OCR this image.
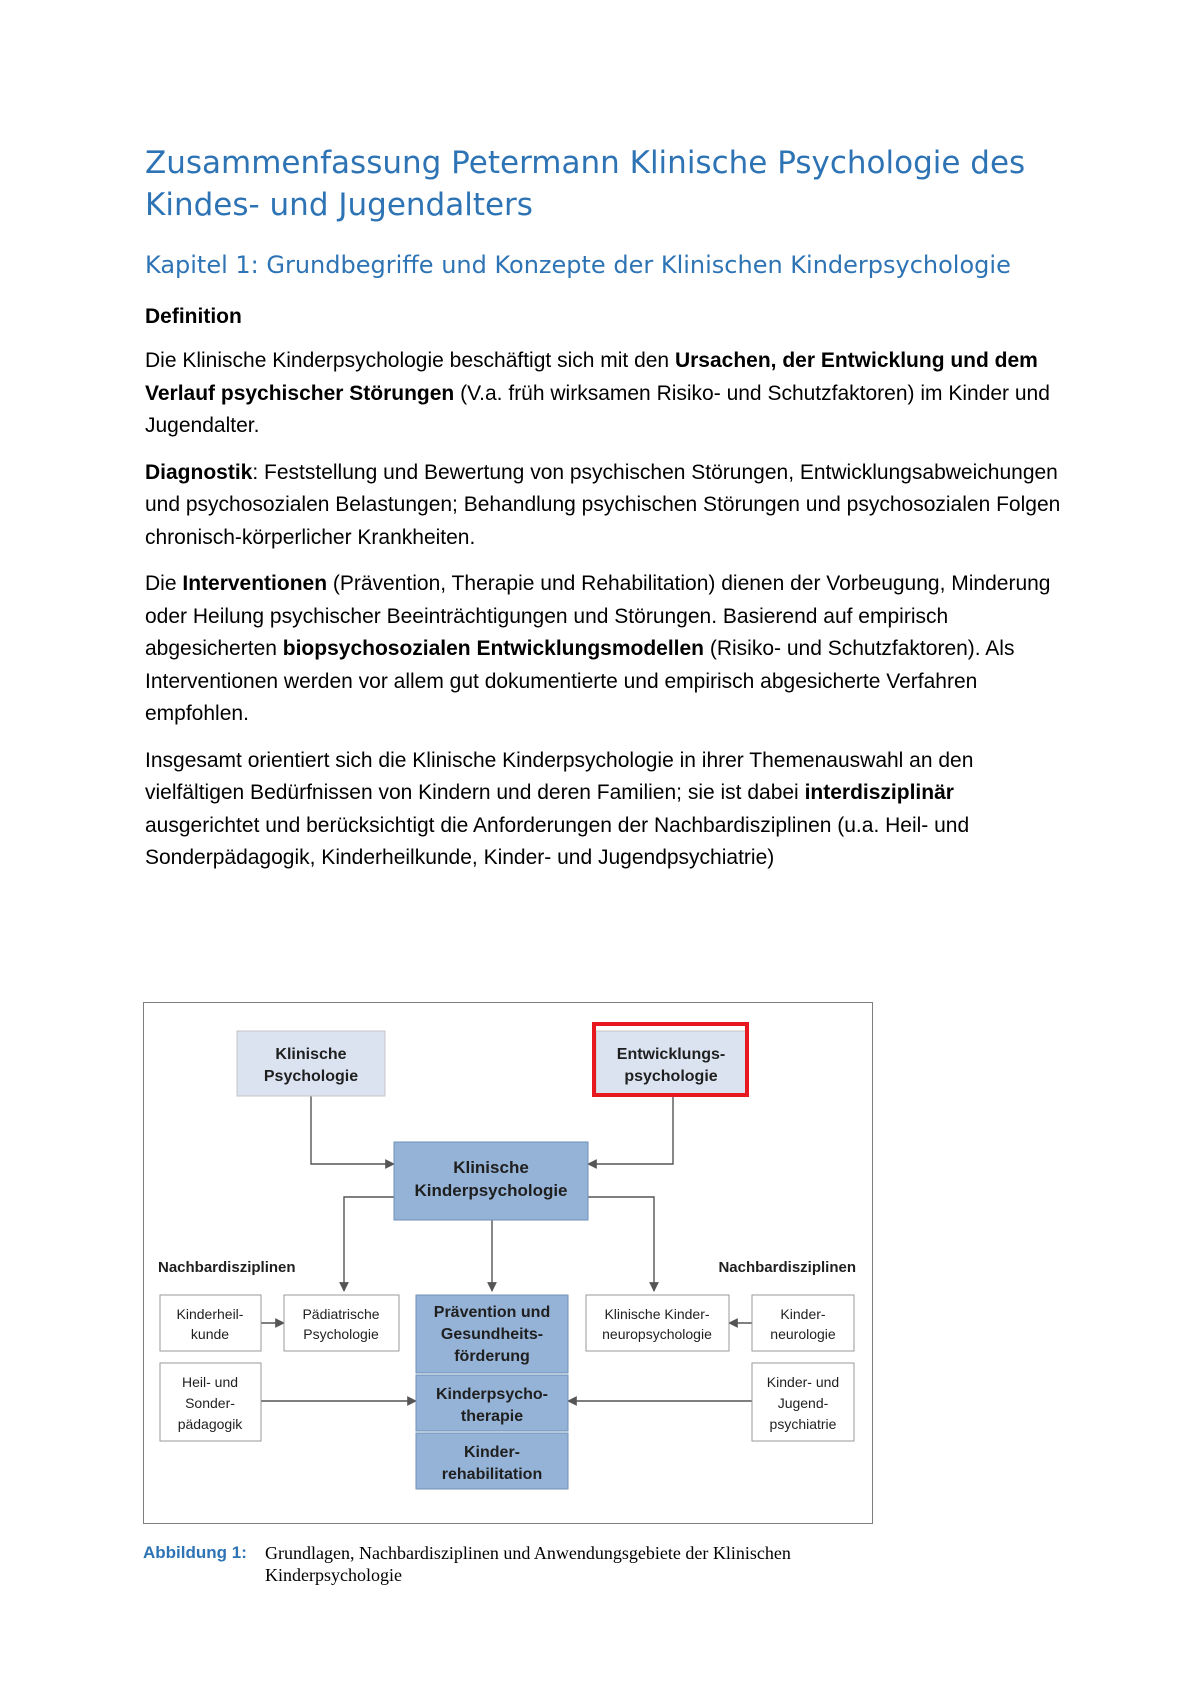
Zusammenfassung Petermann Klinische Psychologie des Kindes- und Jugendalters
Kapitel 1: Grundbegriffe und Konzepte der Klinischen Kinderpsychologie
Definition

Die Klinische Kinderpsychologie beschäftigt sich mit den Ursachen, der Entwicklung und dem Verlauf psychischer Störungen (V.a. früh wirksamen Risiko- und Schutzfaktoren) im Kinder und Jugendalter.

Diagnostik: Feststellung und Bewertung von psychischen Störungen, Entwicklungsabweichungen und psychosozialen Belastungen; Behandlung psychischen Störungen und psychosozialen Folgen chronisch-körperlicher Krankheiten.

Die Interventionen (Prävention, Therapie und Rehabilitation) dienen der Vorbeugung, Minderung oder Heilung psychischer Beeinträchtigungen und Störungen. Basierend auf empirisch abgesicherten biopsychosozialen Entwicklungsmodellen (Risiko- und Schutzfaktoren). Als Interventionen werden vor allem gut dokumentierte und empirisch abgesicherte Verfahren empfohlen.

Insgesamt orientiert sich die Klinische Kinderpsychologie in ihrer Themenauswahl an den vielfältigen Bedürfnissen von Kindern und deren Familien; sie ist dabei interdisziplinär ausgerichtet und berücksichtigt die Anforderungen der Nachbardisziplinen (u.a. Heil- und Sonderpädagogik, Kinderheilkunde, Kinder- und Jugendpsychiatrie)

Klinische
Psychologie
Entwicklungs-
psychologie
Klinische
Kinderpsychologie
Nachbardisziplinen	Nachbardisziplinen
Kinderheil-
kunde
Pädiatrische
Psychologie
Heil- und
Sonder-
pädagogik
Prävention und
Gesundheits-
förderung
Kinderpsycho-
therapie
Kinder-
rehabilitation
Klinische Kinder-
neuropsychologie
Kinder-
neurologie
Kinder- und
Jugend-
psychiatrie
Abbildung 1: Grundlagen, Nachbardisziplinen und Anwendungsgebiete der Klinischen Kinderpsychologie
